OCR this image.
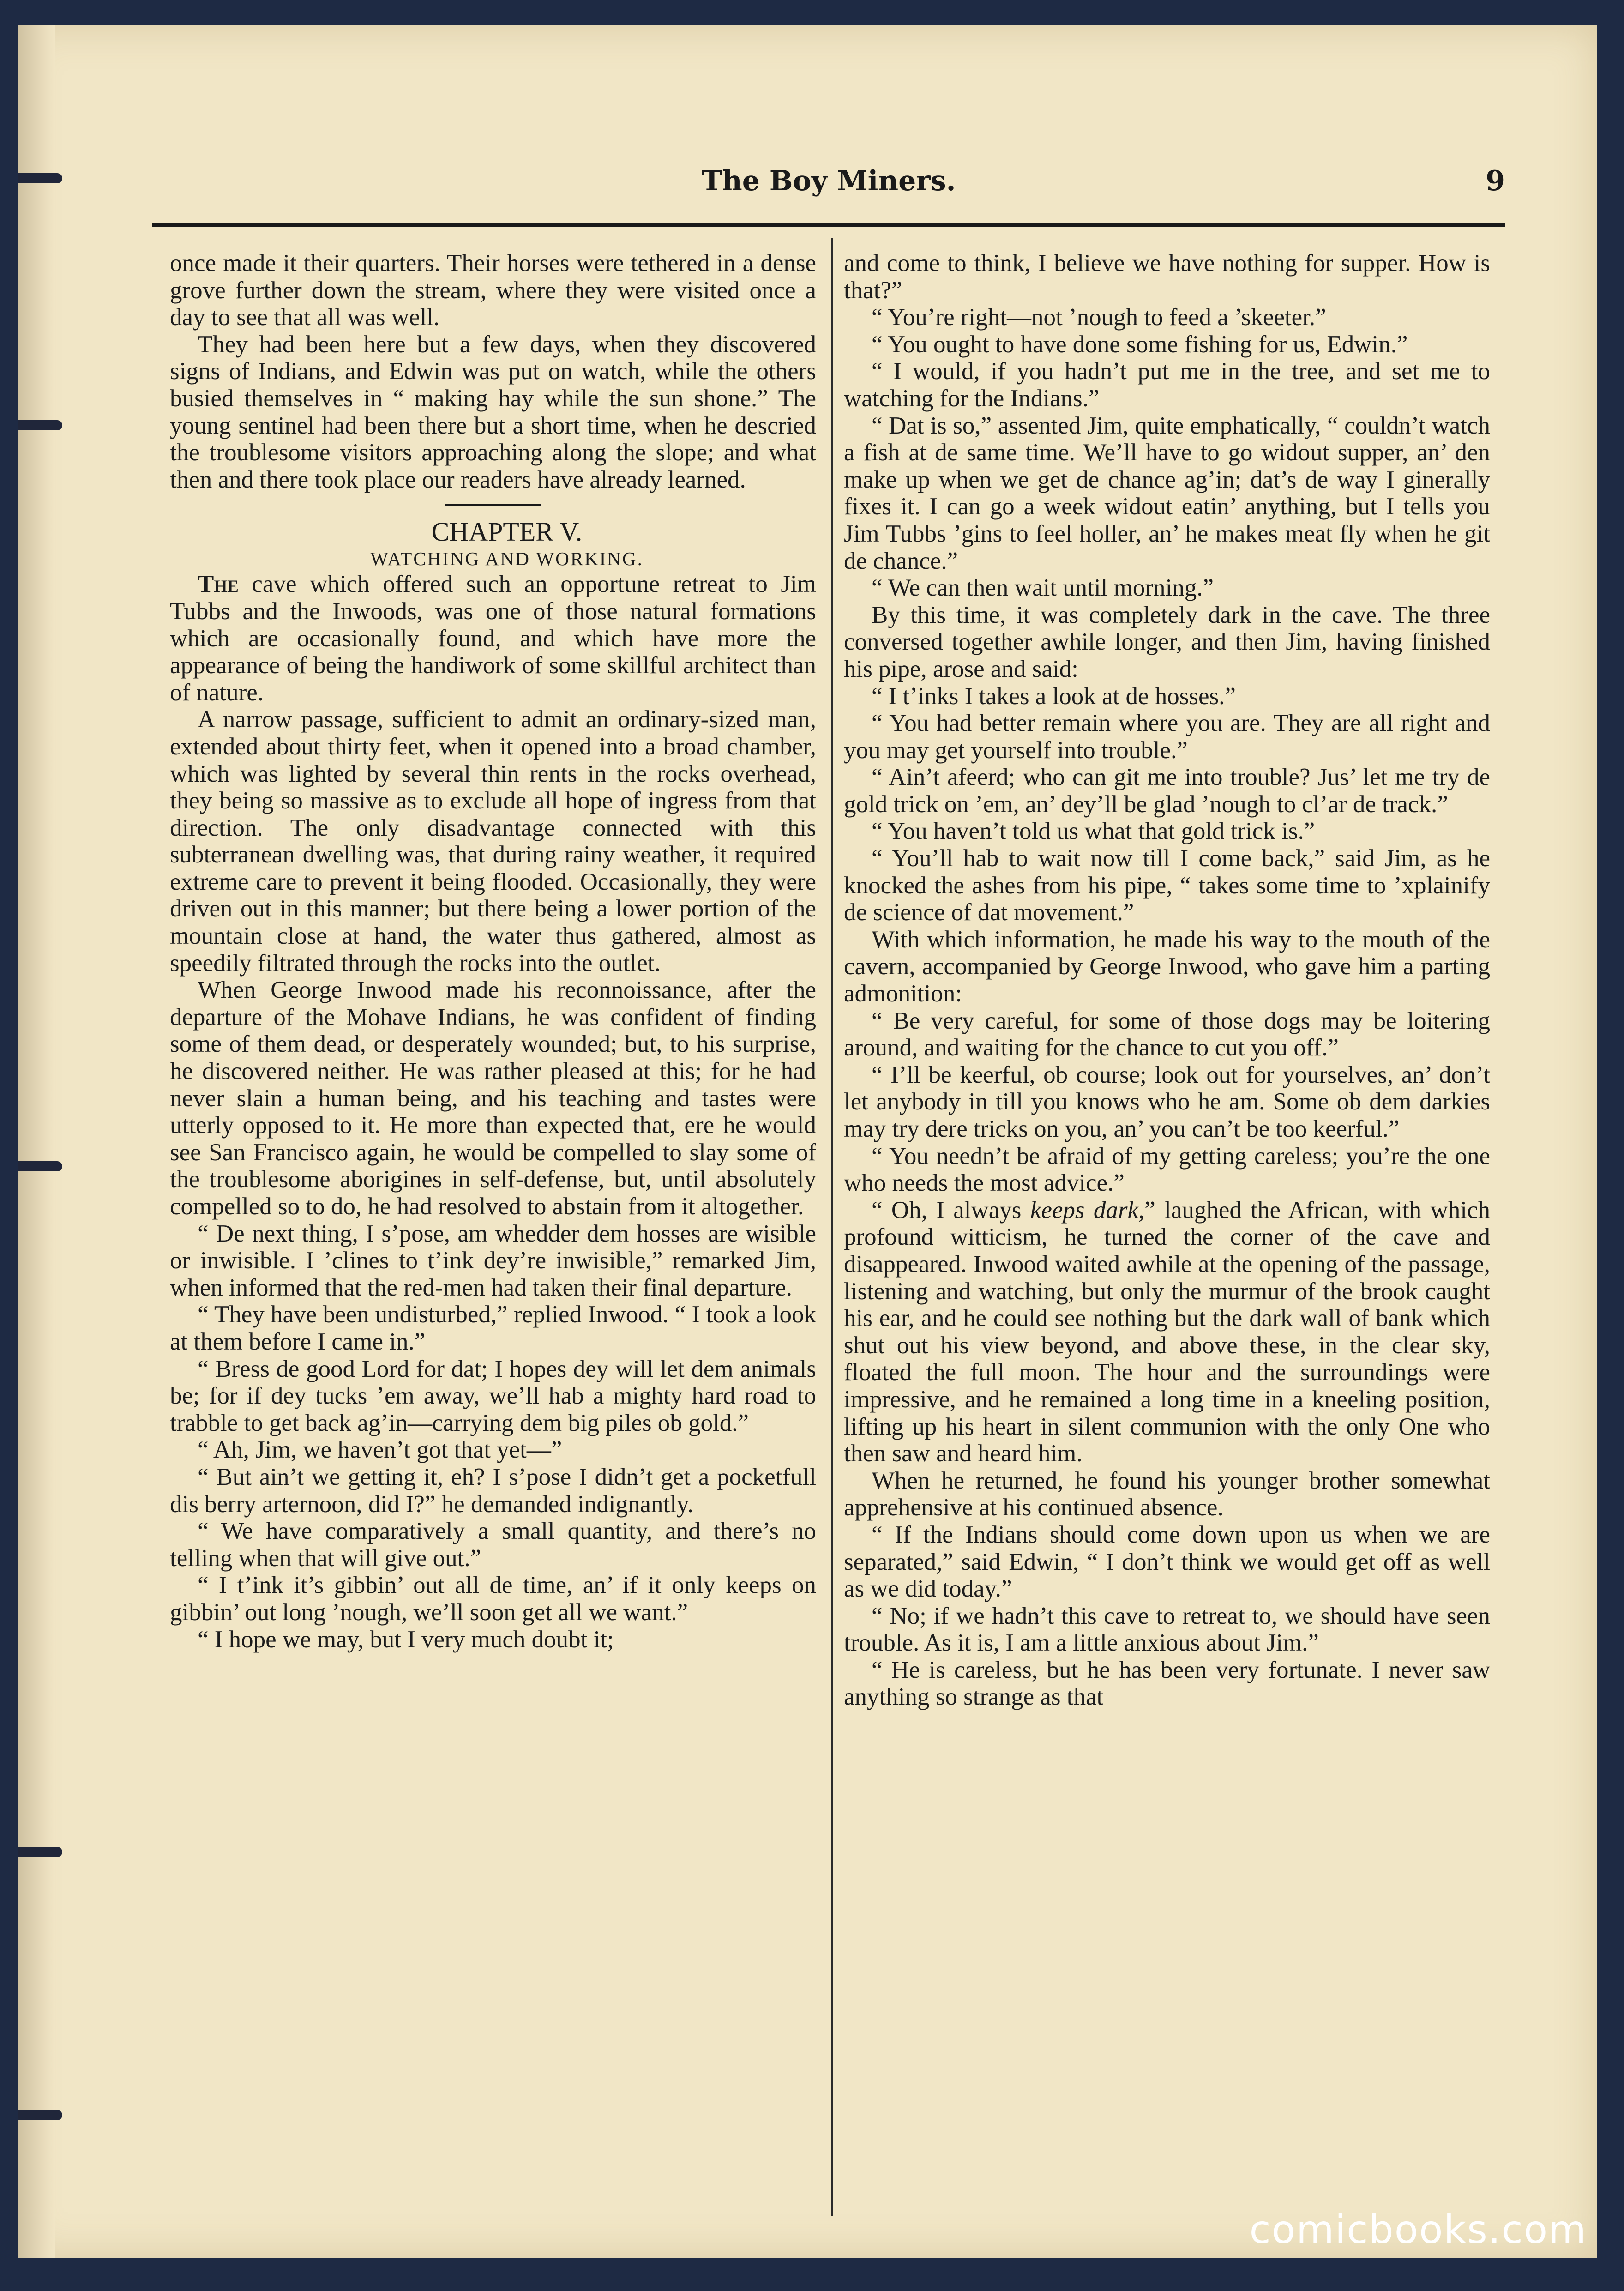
The Boy Miners.	9

once made it their quarters. Their horses were tethered in a dense grove further down the stream, where they were visited once a day to see that all was well.

They had been here but a few days, when they discovered signs of Indians, and Edwin was put on watch, while the others busied themselves in “ making hay while the sun shone.” The young sentinel had been there but a short time, when he descried the troublesome visitors approaching along the slope; and what then and there took place our readers have already learned.

CHAPTER V.

WATCHING AND WORKING.

The cave which offered such an opportune retreat to Jim Tubbs and the Inwoods, was one of those natural formations which are occasionally found, and which have more the appearance of being the handiwork of some skillful architect than of nature.

A narrow passage, sufficient to admit an ordinary-sized man, extended about thirty feet, when it opened into a broad chamber, which was lighted by several thin rents in the rocks overhead, they being so massive as to exclude all hope of ingress from that direction. The only disadvantage connected with this subterranean dwelling was, that during rainy weather, it required extreme care to prevent it being flooded. Occasionally, they were driven out in this manner; but there being a lower portion of the mountain close at hand, the water thus gathered, almost as speedily filtrated through the rocks into the outlet.

When George Inwood made his reconnoissance, after the departure of the Mohave Indians, he was confident of finding some of them dead, or desperately wounded; but, to his surprise, he discovered neither. He was rather pleased at this; for he had never slain a human being, and his teaching and tastes were utterly opposed to it. He more than expected that, ere he would see San Francisco again, he would be compelled to slay some of the troublesome aborigines in self-defense, but, until absolutely compelled so to do, he had resolved to abstain from it altogether.

“ De next thing, I s’pose, am whedder dem hosses are wisible or inwisible. I ’clines to t’ink dey’re inwisible,” remarked Jim, when informed that the red-men had taken their final departure.

“ They have been undisturbed,” replied Inwood. “ I took a look at them before I came in.”

“ Bress de good Lord for dat; I hopes dey will let dem animals be; for if dey tucks ’em away, we’ll hab a mighty hard road to trabble to get back ag’in—carrying dem big piles ob gold.”

“ Ah, Jim, we haven’t got that yet—”

“ But ain’t we getting it, eh? I s’pose I didn’t get a pocketfull dis berry arternoon, did I?” he demanded indignantly.

“ We have comparatively a small quantity, and there’s no telling when that will give out.”

“ I t’ink it’s gibbin’ out all de time, an’ if it only keeps on gibbin’ out long ’nough, we’ll soon get all we want.”

“ I hope we may, but I very much doubt it;

and come to think, I believe we have nothing for supper. How is that?”

“ You’re right—not ’nough to feed a ’skeeter.”

“ You ought to have done some fishing for us, Edwin.”

“ I would, if you hadn’t put me in the tree, and set me to watching for the Indians.”

“ Dat is so,” assented Jim, quite emphatically, “ couldn’t watch a fish at de same time. We’ll have to go widout supper, an’ den make up when we get de chance ag’in; dat’s de way I ginerally fixes it. I can go a week widout eatin’ anything, but I tells you Jim Tubbs ’gins to feel holler, an’ he makes meat fly when he git de chance.”

“ We can then wait until morning.”

By this time, it was completely dark in the cave. The three conversed together awhile longer, and then Jim, having finished his pipe, arose and said:

“ I t’inks I takes a look at de hosses.”

“ You had better remain where you are. They are all right and you may get yourself into trouble.”

“ Ain’t afeerd; who can git me into trouble? Jus’ let me try de gold trick on ’em, an’ dey’ll be glad ’nough to cl’ar de track.”

“ You haven’t told us what that gold trick is.”

“ You’ll hab to wait now till I come back,” said Jim, as he knocked the ashes from his pipe, “ takes some time to ’xplainify de science of dat movement.”

With which information, he made his way to the mouth of the cavern, accompanied by George Inwood, who gave him a parting admonition:

“ Be very careful, for some of those dogs may be loitering around, and waiting for the chance to cut you off.”

“ I’ll be keerful, ob course; look out for yourselves, an’ don’t let anybody in till you knows who he am. Some ob dem darkies may try dere tricks on you, an’ you can’t be too keerful.”

“ You needn’t be afraid of my getting careless; you’re the one who needs the most advice.”

“ Oh, I always keeps dark,” laughed the African, with which profound witticism, he turned the corner of the cave and disappeared. Inwood waited awhile at the opening of the passage, listening and watching, but only the murmur of the brook caught his ear, and he could see nothing but the dark wall of bank which shut out his view beyond, and above these, in the clear sky, floated the full moon. The hour and the surroundings were impressive, and he remained a long time in a kneeling position, lifting up his heart in silent communion with the only One who then saw and heard him.

When he returned, he found his younger brother somewhat apprehensive at his continued absence.

“ If the Indians should come down upon us when we are separated,” said Edwin, “ I don’t think we would get off as well as we did today.”

“ No; if we hadn’t this cave to retreat to, we should have seen trouble. As it is, I am a little anxious about Jim.”

“ He is careless, but he has been very fortunate. I never saw anything so strange as that

comicbooks.com
